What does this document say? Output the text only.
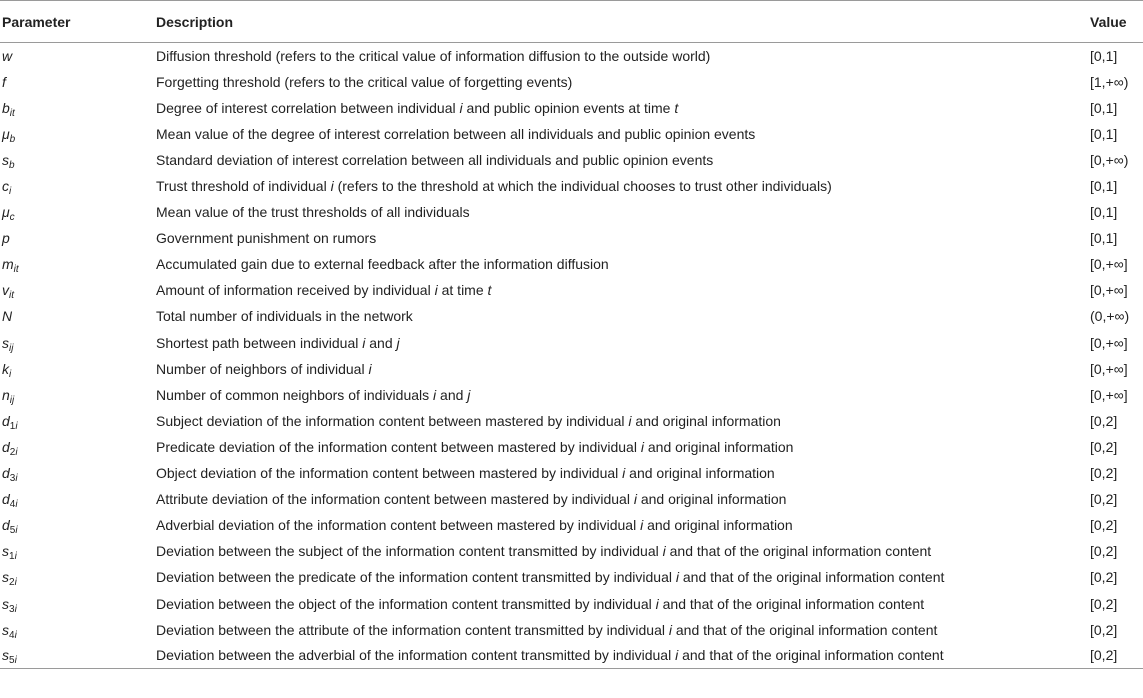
Parameter	Description	Value
w	Diffusion threshold (refers to the critical value of information diffusion to the outside world)	[0,1]
f	Forgetting threshold (refers to the critical value of forgetting events)	[1,+∞)
$b_{it}$	Degree of interest correlation between individual i and public opinion events at time t	[0,1]
$\mu_b$	Mean value of the degree of interest correlation between all individuals and public opinion events	[0,1]
$s_b$	Standard deviation of interest correlation between all individuals and public opinion events	[0,+∞)
$c_i$	Trust threshold of individual i (refers to the threshold at which the individual chooses to trust other individuals)	[0,1]
$\mu_c$	Mean value of the trust thresholds of all individuals	[0,1]
p	Government punishment on rumors	[0,1]
$m_{it}$	Accumulated gain due to external feedback after the information diffusion	[0,+∞]
$v_{it}$	Amount of information received by individual i at time t	[0,+∞]
N	Total number of individuals in the network	(0,+∞)
$s_{ij}$	Shortest path between individual i and j	[0,+∞]
$k_i$	Number of neighbors of individual i	[0,+∞]
$n_{ij}$	Number of common neighbors of individuals i and j	[0,+∞]
$d_{1i}$	Subject deviation of the information content between mastered by individual i and original information	[0,2]
$d_{2i}$	Predicate deviation of the information content between mastered by individual i and original information	[0,2]
$d_{3i}$	Object deviation of the information content between mastered by individual i and original information	[0,2]
$d_{4i}$	Attribute deviation of the information content between mastered by individual i and original information	[0,2]
$d_{5i}$	Adverbial deviation of the information content between mastered by individual i and original information	[0,2]
$s_{1i}$	Deviation between the subject of the information content transmitted by individual i and that of the original information content	[0,2]
$s_{2i}$	Deviation between the predicate of the information content transmitted by individual i and that of the original information content	[0,2]
$s_{3i}$	Deviation between the object of the information content transmitted by individual i and that of the original information content	[0,2]
$s_{4i}$	Deviation between the attribute of the information content transmitted by individual i and that of the original information content	[0,2]
$s_{5i}$	Deviation between the adverbial of the information content transmitted by individual i and that of the original information content	[0,2]
